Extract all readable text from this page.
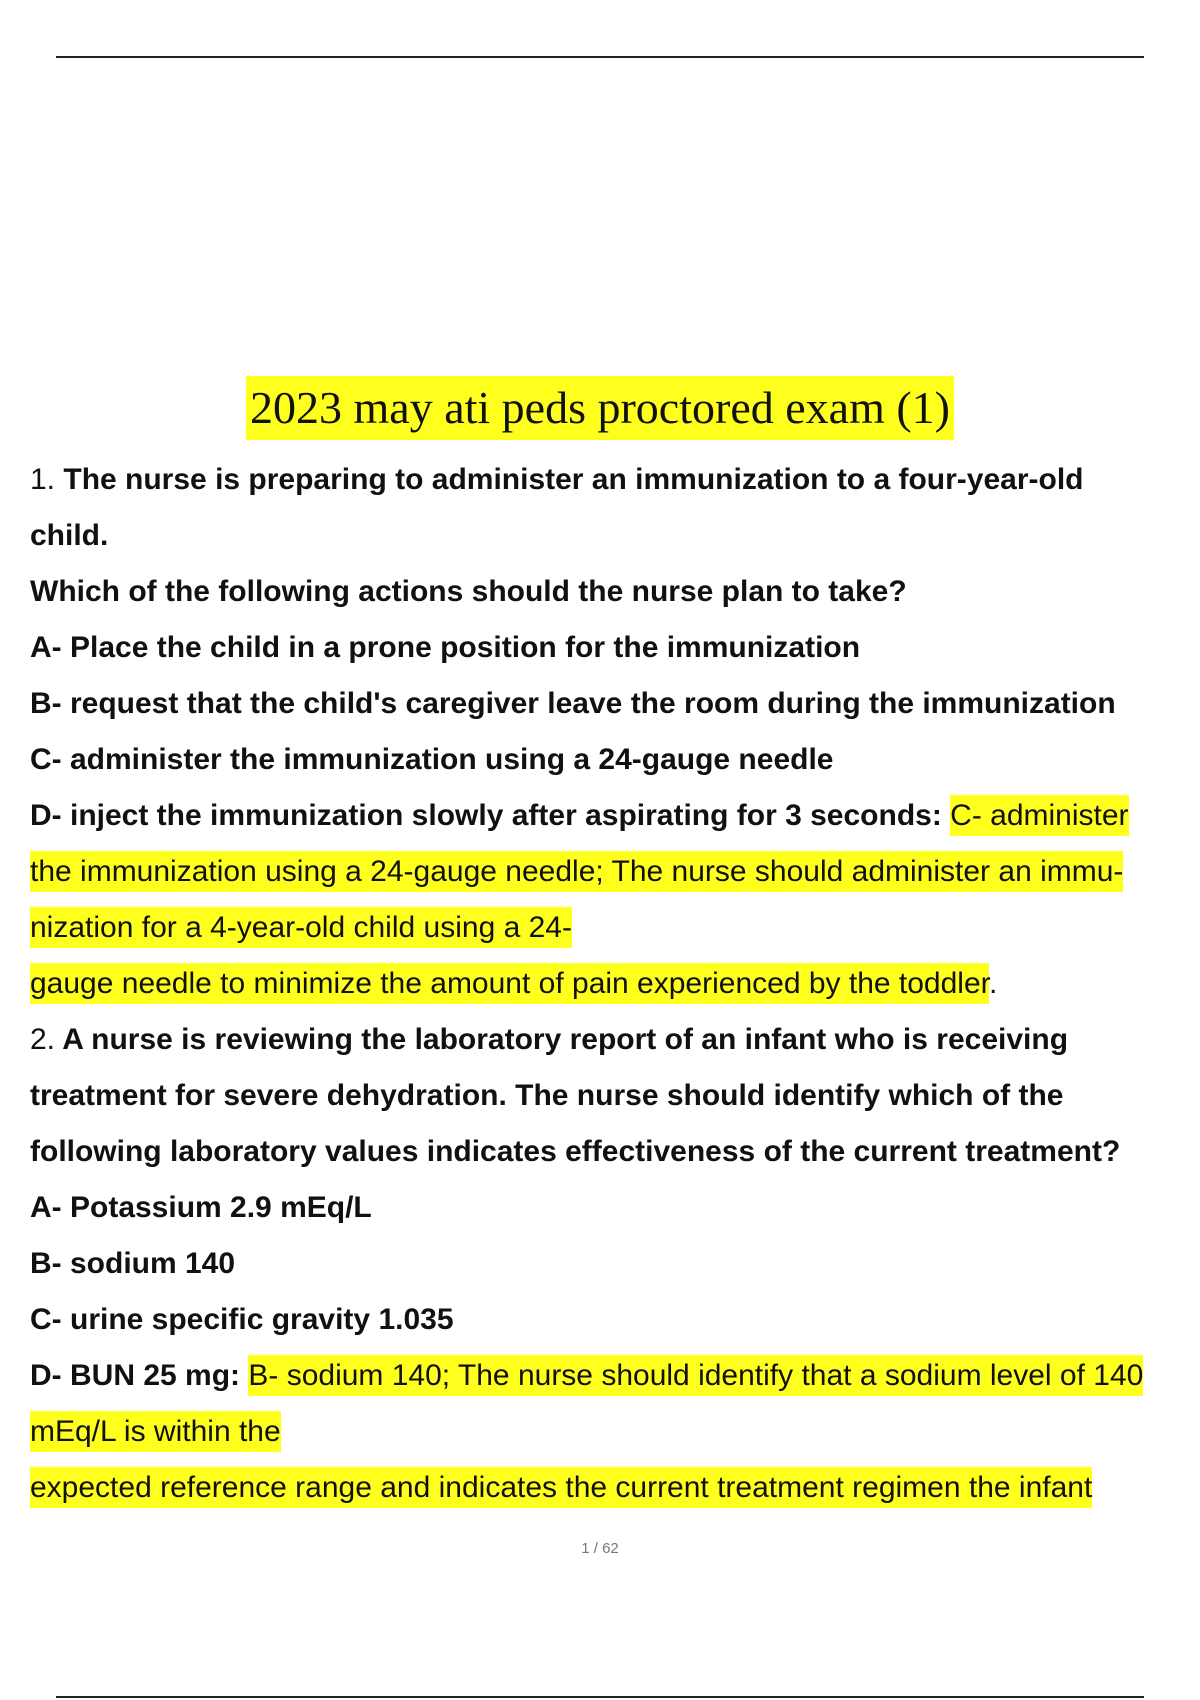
2023 may ati peds proctored exam (1)
1. The nurse is preparing to administer an immunization to a four-year-old
child.
Which of the following actions should the nurse plan to take?
A- Place the child in a prone position for the immunization
B- request that the child's caregiver leave the room during the immunization
C- administer the immunization using a 24-gauge needle
D- inject the immunization slowly after aspirating for 3 seconds: C- administer
the immunization using a 24-gauge needle; The nurse should administer an immu-
nization for a 4-year-old child using a 24-
gauge needle to minimize the amount of pain experienced by the toddler.
2. A nurse is reviewing the laboratory report of an infant who is receiving
treatment for severe dehydration. The nurse should identify which of the
following laboratory values indicates effectiveness of the current treatment?
A- Potassium 2.9 mEq/L
B- sodium 140
C- urine specific gravity 1.035
D- BUN 25 mg: B- sodium 140; The nurse should identify that a sodium level of 140
mEq/L is within the
expected reference range and indicates the current treatment regimen the infant
1 / 62
